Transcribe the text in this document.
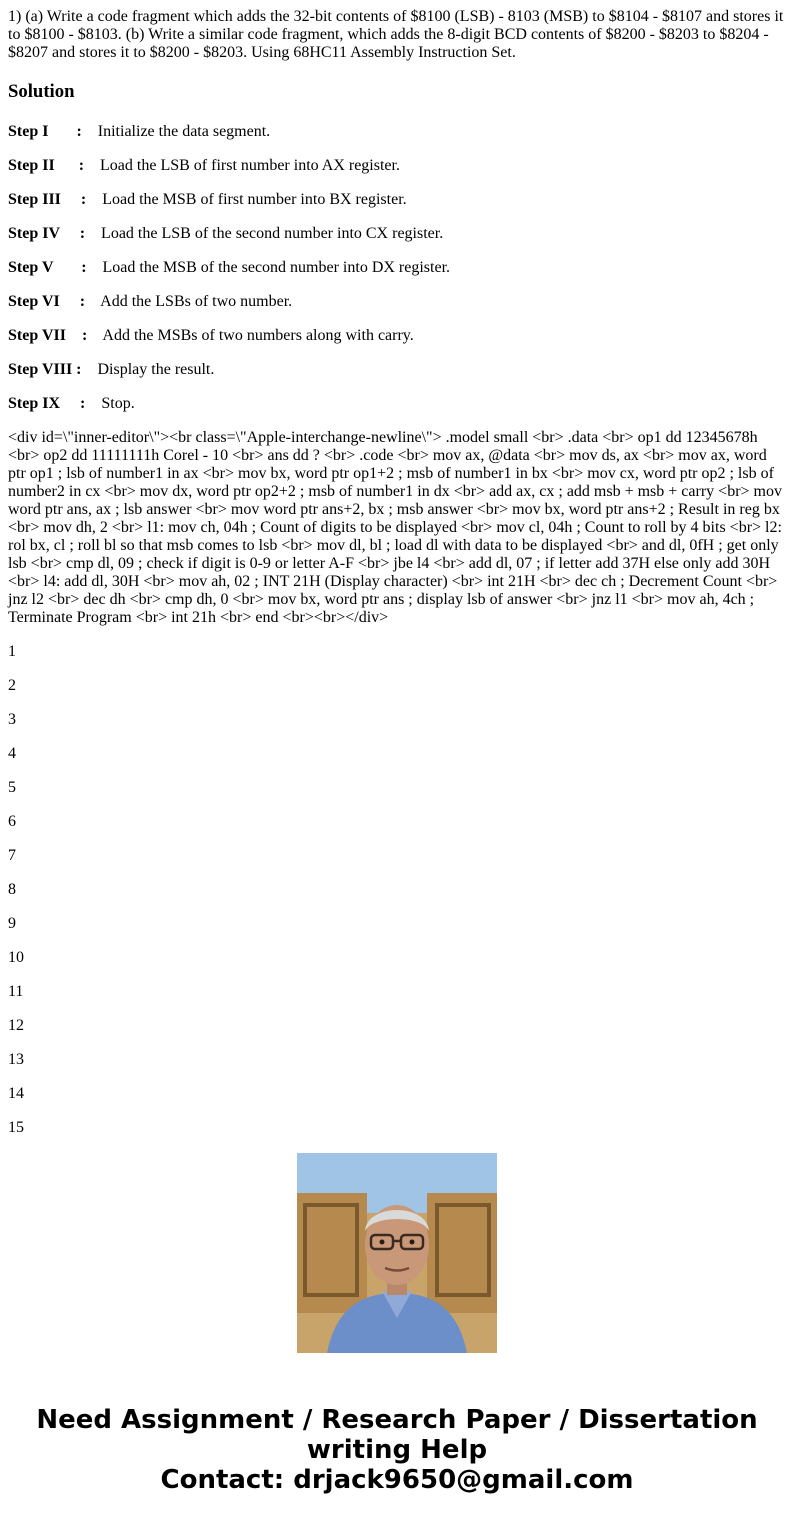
1) (a) Write a code fragment which adds the 32-bit contents of $8100 (LSB) - 8103 (MSB) to $8104 - $8107 and stores it to $8100 - $8103. (b) Write a similar code fragment, which adds the 8-digit BCD contents of $8200 - $8203 to $8204 - $8207 and stores it to $8200 - $8203. Using 68HC11 Assembly Instruction Set.

Solution
Step I       :    Initialize the data segment.
Step II      :    Load the LSB of first number into AX register.
Step III     :    Load the MSB of first number into BX register.
Step IV     :    Load the LSB of the second number into CX register.
Step V       :    Load the MSB of the second number into DX register.
Step VI     :    Add the LSBs of two number.
Step VII    :    Add the MSBs of two numbers along with carry.
Step VIII :    Display the result.
Step IX     :    Stop.

<div id=\"inner-editor\"><br class=\"Apple-interchange-newline\"> .model small <br> .data <br> op1 dd 12345678h <br> op2 dd 11111111h Corel - 10 <br> ans dd ? <br> .code <br> mov ax, @data <br> mov ds, ax <br> mov ax, word ptr op1 ; lsb of number1 in ax <br> mov bx, word ptr op1+2 ; msb of number1 in bx <br> mov cx, word ptr op2 ; lsb of number2 in cx <br> mov dx, word ptr op2+2 ; msb of number1 in dx <br> add ax, cx ; add msb + msb + carry <br> mov word ptr ans, ax ; lsb answer <br> mov word ptr ans+2, bx ; msb answer <br> mov bx, word ptr ans+2 ; Result in reg bx <br> mov dh, 2 <br> l1: mov ch, 04h ; Count of digits to be displayed <br> mov cl, 04h ; Count to roll by 4 bits <br> l2: rol bx, cl ; roll bl so that msb comes to lsb <br> mov dl, bl ; load dl with data to be displayed <br> and dl, 0fH ; get only lsb <br> cmp dl, 09 ; check if digit is 0-9 or letter A-F <br> jbe l4 <br> add dl, 07 ; if letter add 37H else only add 30H <br> l4: add dl, 30H <br> mov ah, 02 ; INT 21H (Display character) <br> int 21H <br> dec ch ; Decrement Count <br> jnz l2 <br> dec dh <br> cmp dh, 0 <br> mov bx, word ptr ans ; display lsb of answer <br> jnz l1 <br> mov ah, 4ch ; Terminate Program <br> int 21h <br> end <br><br></div>

1
2
3
4
5
6
7
8
9
10
11
12
13
14
15
Need Assignment / Research Paper / Dissertation
writing Help
Contact: drjack9650@gmail.com
